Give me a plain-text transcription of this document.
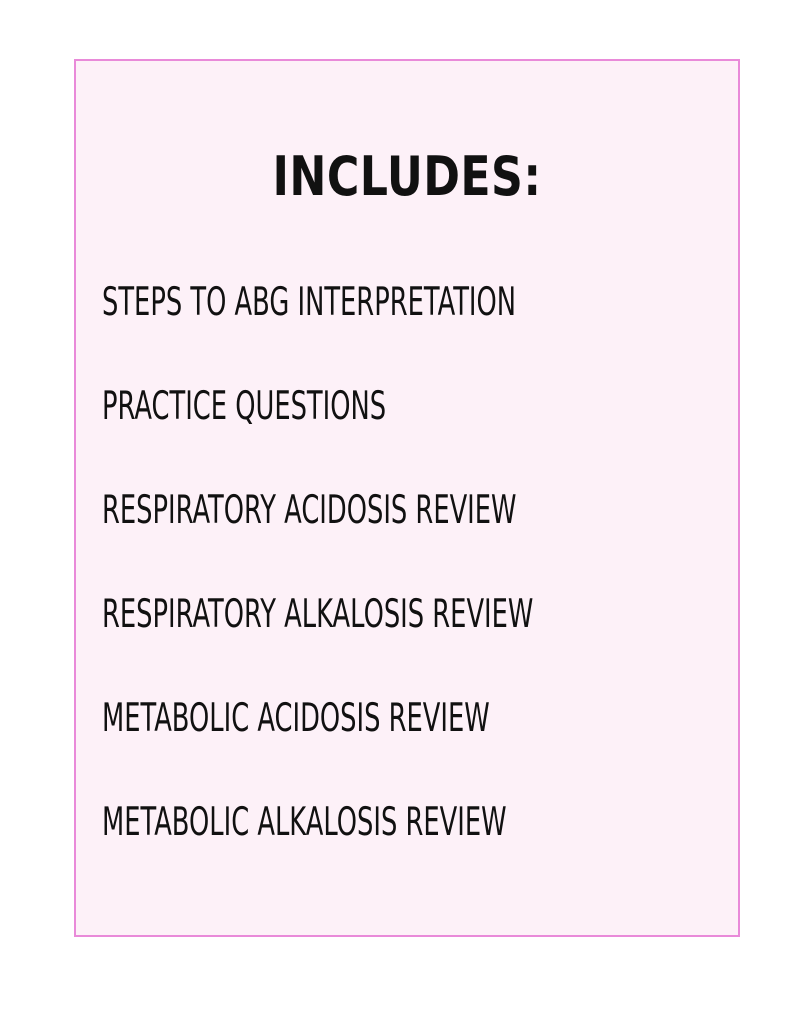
INCLUDES:
STEPS TO ABG INTERPRETATION
PRACTICE QUESTIONS
RESPIRATORY ACIDOSIS REVIEW
RESPIRATORY ALKALOSIS REVIEW
METABOLIC ACIDOSIS REVIEW
METABOLIC ALKALOSIS REVIEW
